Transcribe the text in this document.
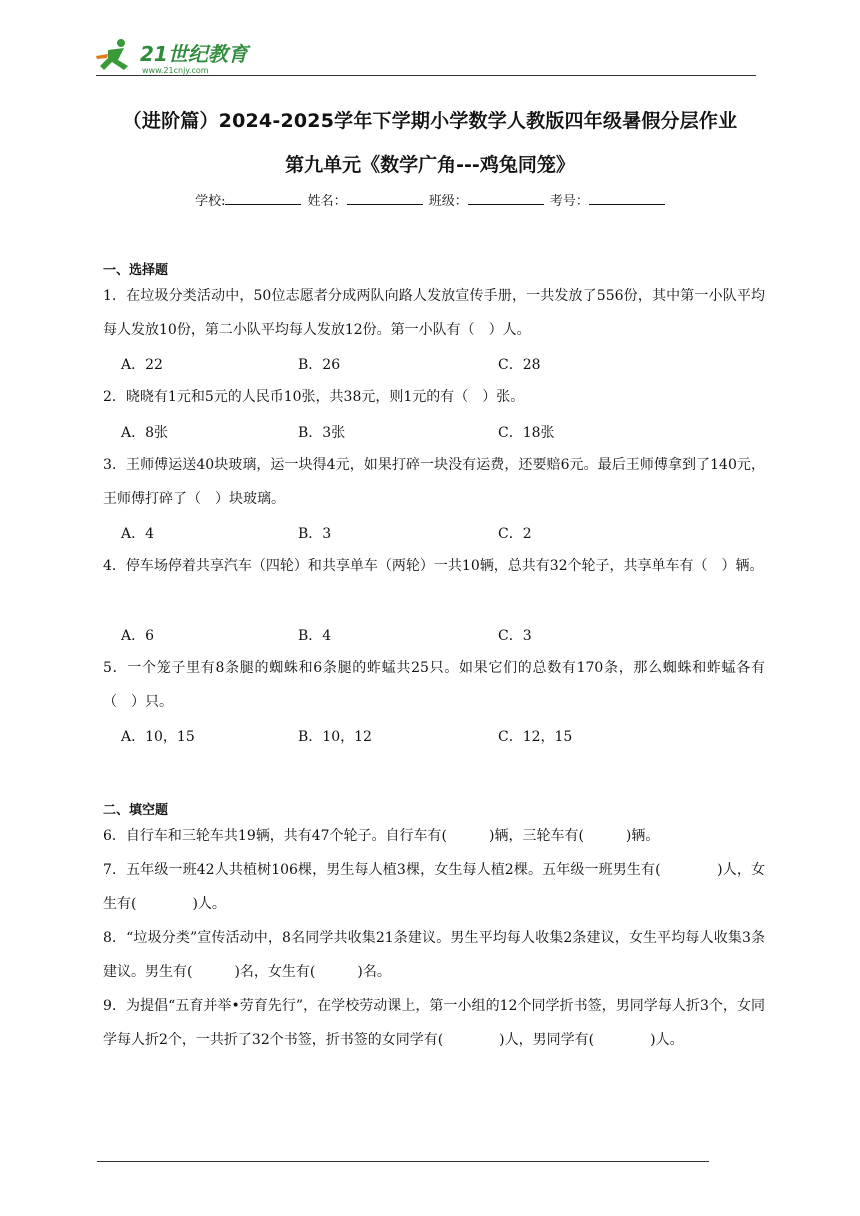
21世纪教育
www.21cnjy.com
（进阶篇）2024-2025学年下学期小学数学人教版四年级暑假分层作业
第九单元《数学广角---鸡兔同笼》
学校:	姓名：	班级：	考号：
一、选择题
1．在垃圾分类活动中，50位志愿者分成两队向路人发放宣传手册，一共发放了556份，其中第一小队平均每人发放10份，第二小队平均每人发放12份。第一小队有（　）人。
A．22	B．26	C．28
2．晓晓有1元和5元的人民币10张，共38元，则1元的有（　）张。
A．8张	B．3张	C．18张
3．王师傅运送40块玻璃，运一块得4元，如果打碎一块没有运费，还要赔6元。最后王师傅拿到了140元，王师傅打碎了（　）块玻璃。
A．4	B．3	C．2
4．停车场停着共享汽车（四轮）和共享单车（两轮）一共10辆，总共有32个轮子，共享单车有（　）辆。
A．6	B．4	C．3
5．一个笼子里有8条腿的蜘蛛和6条腿的蚱蜢共25只。如果它们的总数有170条，那么蜘蛛和蚱蜢各有（　）只。
A．10，15	B．10，12	C．12，15
二、填空题
6．自行车和三轮车共19辆，共有47个轮子。自行车有(　　　)辆，三轮车有(　　　)辆。
7．五年级一班42人共植树106棵，男生每人植3棵，女生每人植2棵。五年级一班男生有(　　　　)人，女生有(　　　　)人。
8．“垃圾分类”宣传活动中，8名同学共收集21条建议。男生平均每人收集2条建议，女生平均每人收集3条建议。男生有(　　　)名，女生有(　　　)名。
9．为提倡“五育并举•劳育先行”，在学校劳动课上，第一小组的12个同学折书签，男同学每人折3个，女同学每人折2个，一共折了32个书签，折书签的女同学有(　　　　)人，男同学有(　　　　)人。
